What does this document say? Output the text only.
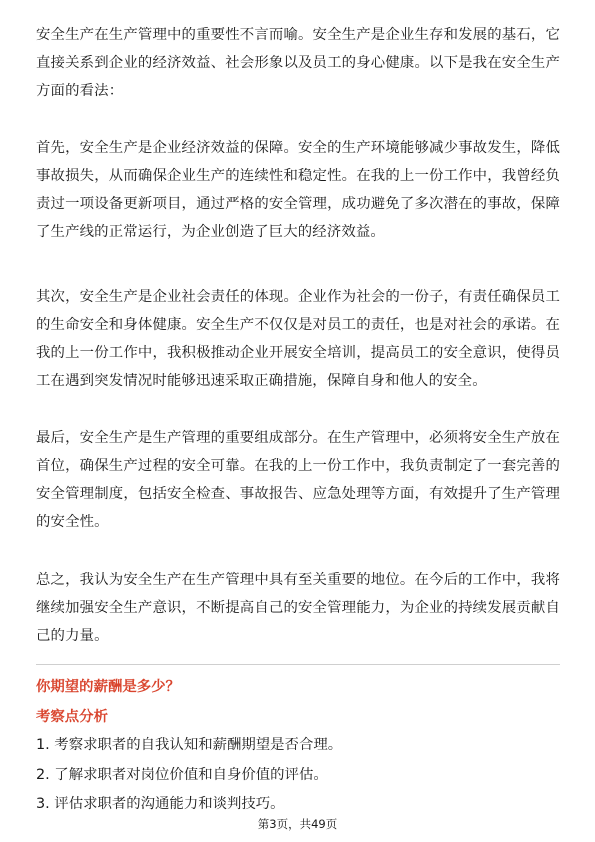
安全生产在生产管理中的重要性不言而喻。安全生产是企业生存和发展的基石，它直接关系到企业的经济效益、社会形象以及员工的身心健康。以下是我在安全生产方面的看法：

首先，安全生产是企业经济效益的保障。安全的生产环境能够减少事故发生，降低事故损失，从而确保企业生产的连续性和稳定性。在我的上一份工作中，我曾经负责过一项设备更新项目，通过严格的安全管理，成功避免了多次潜在的事故，保障了生产线的正常运行，为企业创造了巨大的经济效益。

其次，安全生产是企业社会责任的体现。企业作为社会的一份子，有责任确保员工的生命安全和身体健康。安全生产不仅仅是对员工的责任，也是对社会的承诺。在我的上一份工作中，我积极推动企业开展安全培训，提高员工的安全意识，使得员工在遇到突发情况时能够迅速采取正确措施，保障自身和他人的安全。

最后，安全生产是生产管理的重要组成部分。在生产管理中，必须将安全生产放在首位，确保生产过程的安全可靠。在我的上一份工作中，我负责制定了一套完善的安全管理制度，包括安全检查、事故报告、应急处理等方面，有效提升了生产管理的安全性。

总之，我认为安全生产在生产管理中具有至关重要的地位。在今后的工作中，我将继续加强安全生产意识，不断提高自己的安全管理能力，为企业的持续发展贡献自己的力量。

你期望的薪酬是多少？
考察点分析
1. 考察求职者的自我认知和薪酬期望是否合理。
2. 了解求职者对岗位价值和自身价值的评估。
3. 评估求职者的沟通能力和谈判技巧。
第3页，共49页
